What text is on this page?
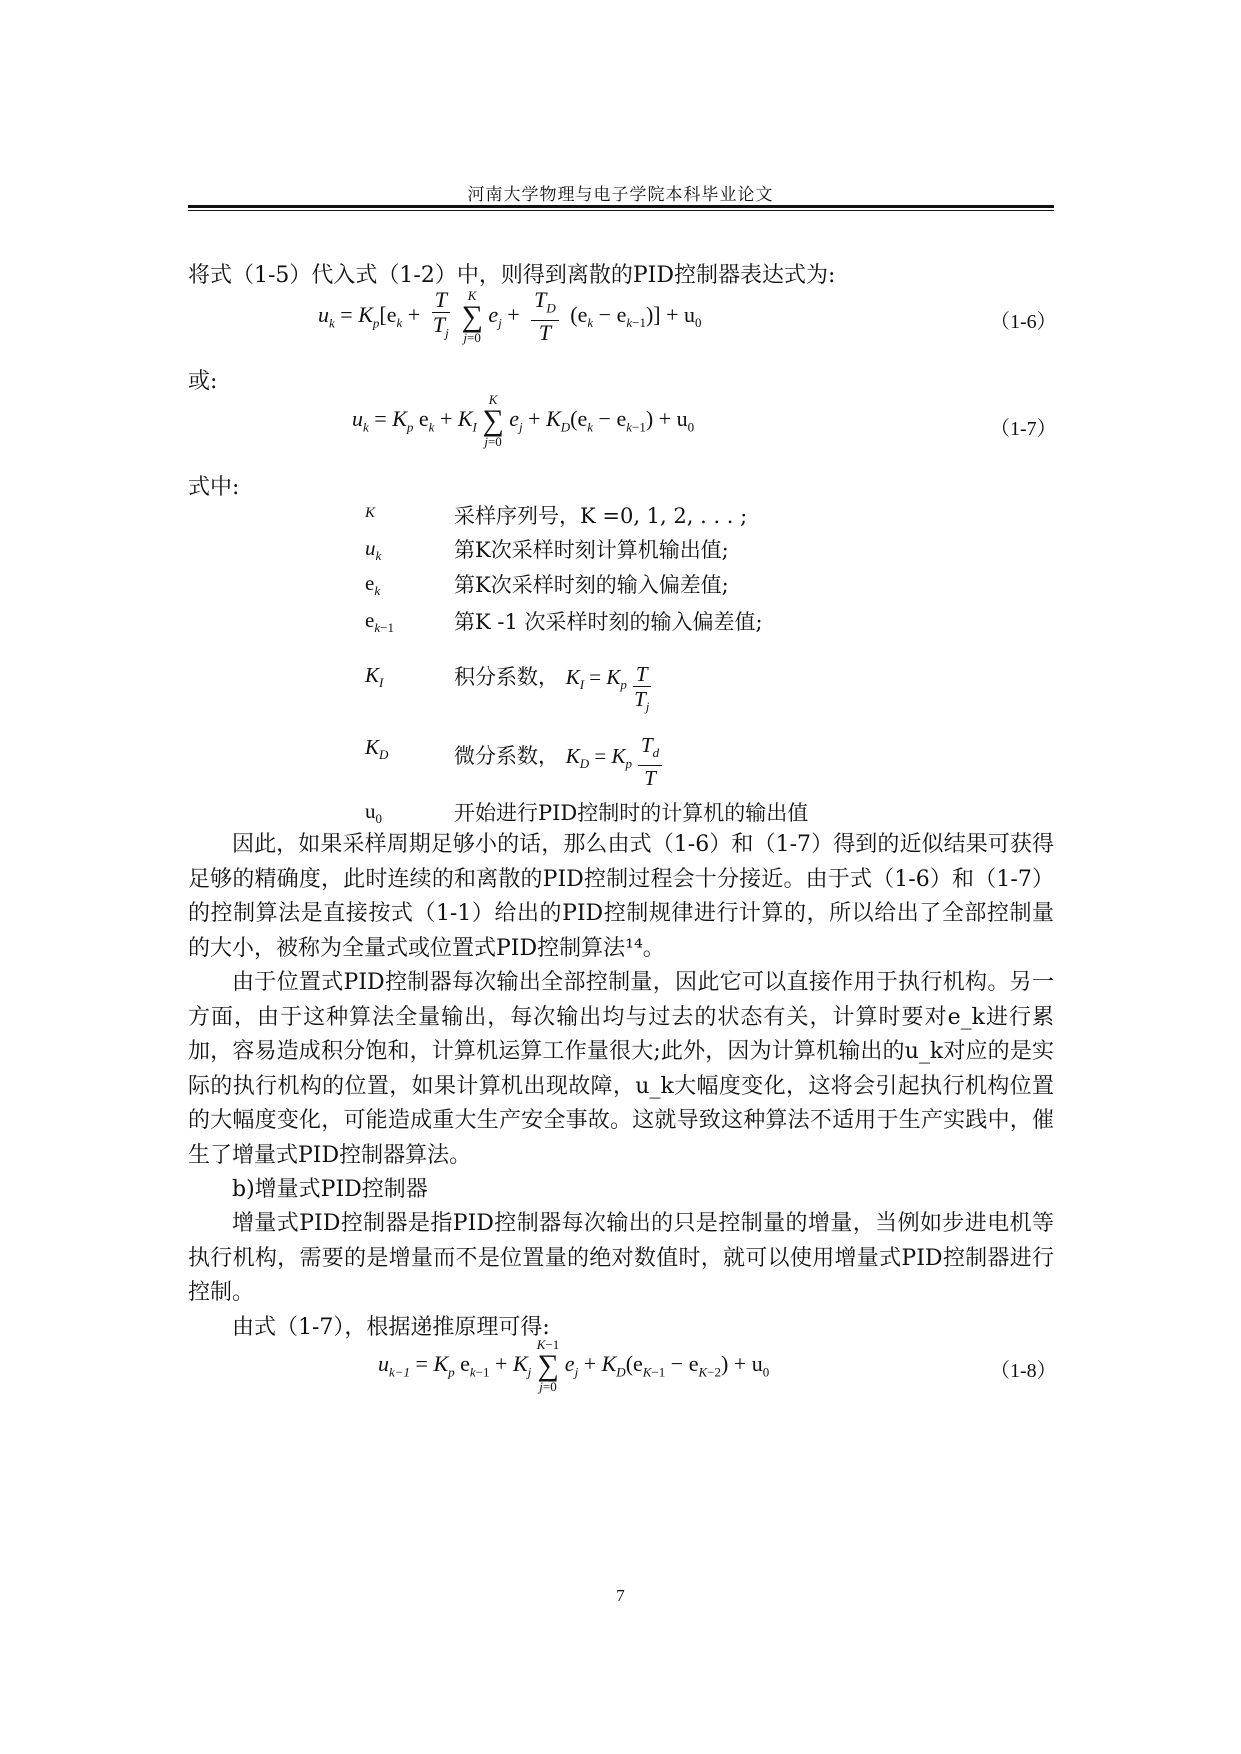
河南大学物理与电子学院本科毕业论文
将式（1-5）代入式（1-2）中，则得到离散的PID控制器表达式为:
$u_k = K_p[e_k + \frac{T}{T_j}$ K
∑
j=0 $e_j + \frac{T_D}{T} (e_k - e_{k-1})] + u_0$	（1-6）
或:
$u_k = K_p$ $e_k + K_I$ K
∑
j=0 $e_j + K_D(e_k - e_{k-1}) + u_0$	（1-7）
式中:
K	采样序列号，K =0, 1, 2, . . . ;
$u_k$	第K次采样时刻计算机输出值;
$e_k$	第K次采样时刻的输入偏差值;
$e_{k-1}$	第K -1 次采样时刻的输入偏差值;
$K_I$	积分系数， $K_I = K_p \frac{T}{T_j}$
$K_D$	微分系数， $K_D = K_p \frac{T_d}{T}$
$u_0$	开始进行PID控制时的计算机的输出值
因此，如果采样周期足够小的话，那么由式（1-6）和（1-7）得到的近似结果可获得足够的精确度，此时连续的和离散的PID控制过程会十分接近。由于式（1-6）和（1-7）的控制算法是直接按式（1-1）给出的PID控制规律进行计算的，所以给出了全部控制量的大小，被称为全量式或位置式PID控制算法¹⁴。
由于位置式PID控制器每次输出全部控制量，因此它可以直接作用于执行机构。另一方面，由于这种算法全量输出，每次输出均与过去的状态有关，计算时要对e_k进行累加，容易造成积分饱和，计算机运算工作量很大;此外，因为计算机输出的u_k对应的是实际的执行机构的位置，如果计算机出现故障，u_k大幅度变化，这将会引起执行机构位置的大幅度变化，可能造成重大生产安全事故。这就导致这种算法不适用于生产实践中，催生了增量式PID控制器算法。
b)增量式PID控制器
增量式PID控制器是指PID控制器每次输出的只是控制量的增量，当例如步进电机等执行机构，需要的是增量而不是位置量的绝对数值时，就可以使用增量式PID控制器进行控制。
由式（1-7），根据递推原理可得:
$u_{k-1} = K_p$ $e_{k-1} + K_j$ K−1
∑
j=0 $e_j + K_D(e_{K-1} - e_{K-2}) + u_0$	（1-8）
7
